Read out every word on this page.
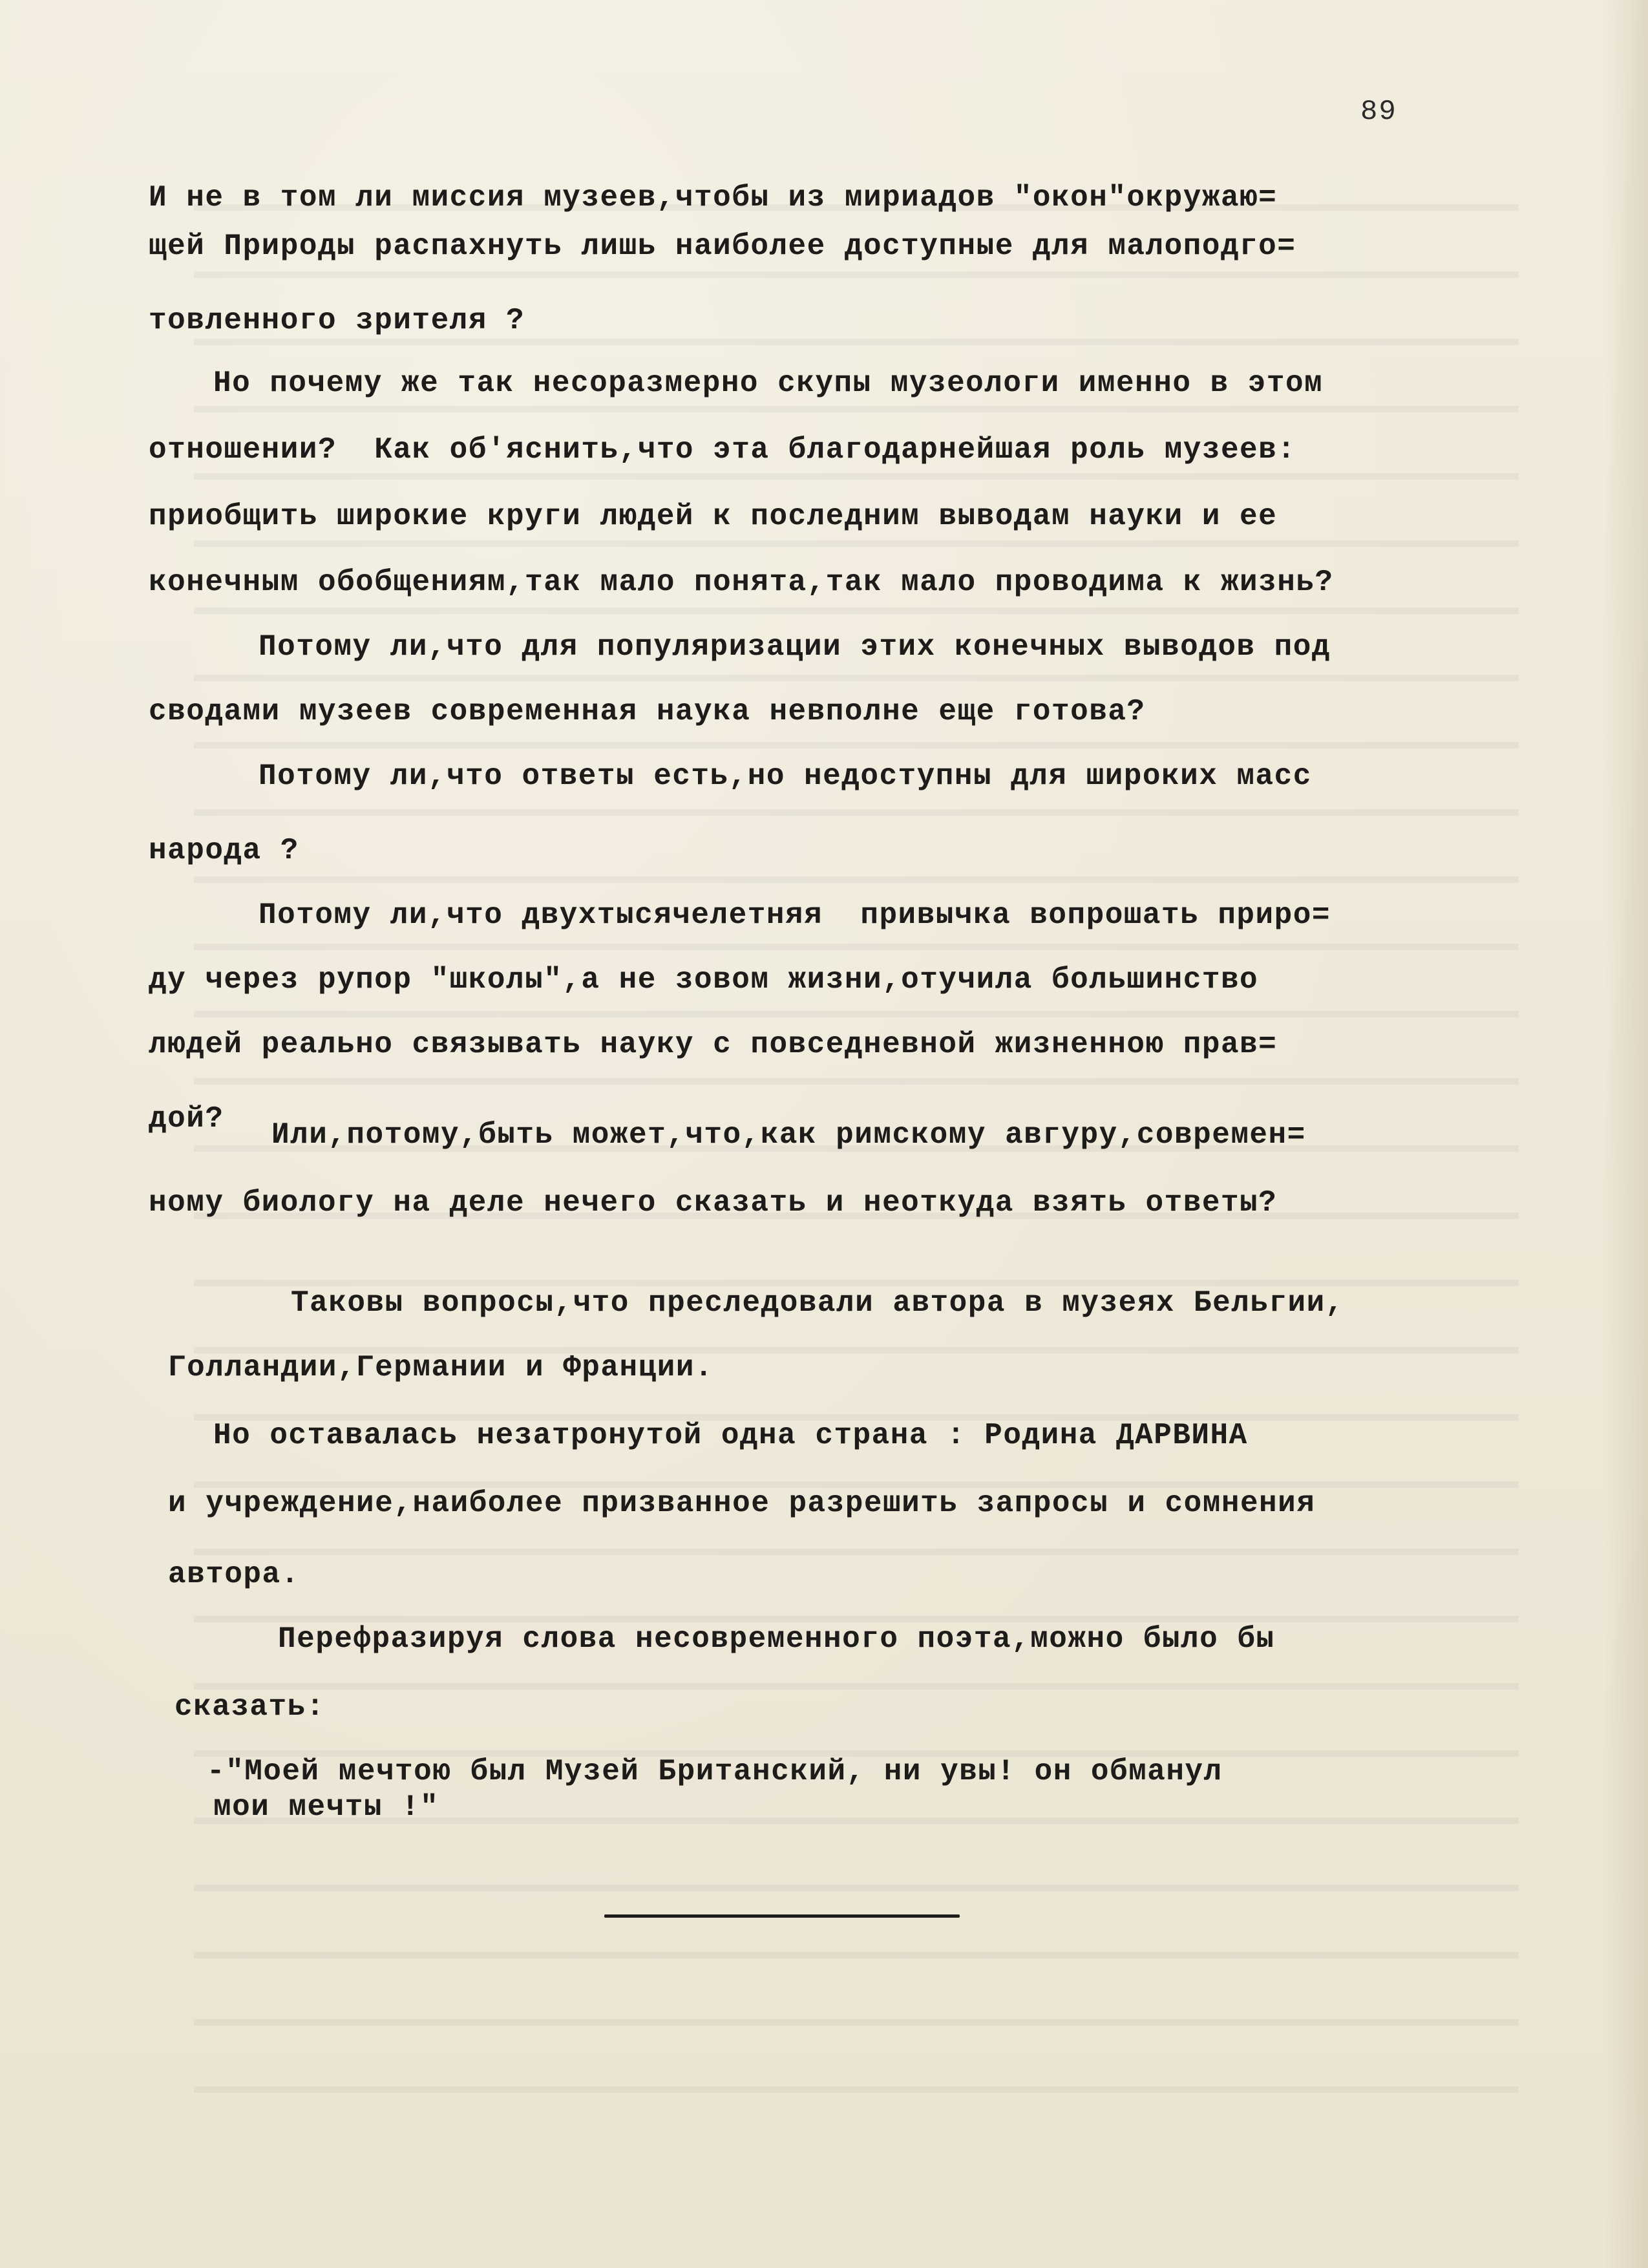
89

И не в том ли миссия музеев,чтобы из мириадов "окон"окружаю=

щей Природы распахнуть лишь наиболее доступные для малоподго=

товленного зрителя ?

Но почему же так несоразмерно скупы музеологи именно в этом

отношении?  Как об'яснить,что эта благодарнейшая роль музеев:

приобщить широкие круги людей к последним выводам науки и ее

конечным обобщениям,так мало понята,так мало проводима к жизнь?

Потому ли,что для популяризации этих конечных выводов под

сводами музеев современная наука невполне еще готова?

Потому ли,что ответы есть,но недоступны для широких масс

народа ?

Потому ли,что двухтысячелетняя  привычка вопрошать приро=

ду через рупор "школы",а не зовом жизни,отучила большинство

людей реально связывать науку с повседневной жизненною прав=

дой?

Или,потому,быть может,что,как римскому авгуру,современ=

ному биологу на деле нечего сказать и неоткуда взять ответы?

Таковы вопросы,что преследовали автора в музеях Бельгии,

Голландии,Германии и Франции.

Но оставалась незатронутой одна страна : Родина ДАРВИНА

и учреждение,наиболее призванное разрешить запросы и сомнения

автора.

Перефразируя слова несовременного поэта,можно было бы

сказать:

-"Моей мечтою был Музей Британский, ни увы! он обманул

мои мечты !"
